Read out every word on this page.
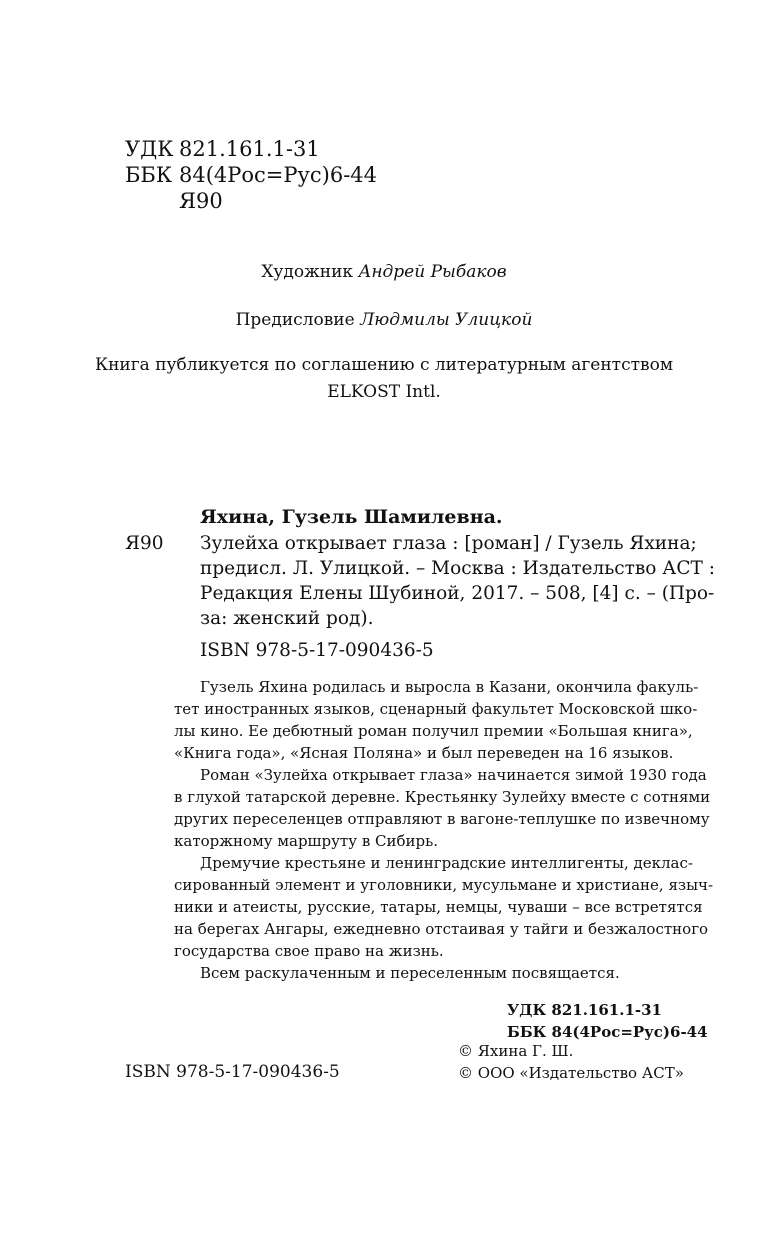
УДК 821.161.1-31
ББК 84(4Рос=Рус)6-44
Я90
Художник Андрей Рыбаков
Предисловие Людмилы Улицкой
Книга публикуется по соглашению с литературным агентством
ELKOST Intl.
Яхина, Гузель Шамилевна.
Я90 Зулейха открывает глаза : [роман] / Гузель Яхина;
предисл. Л. Улицкой. – Москва : Издательство АСТ :
Редакция Елены Шубиной, 2017. – 508, [4] с. – (Про-
за: женский род).
ISBN 978-5-17-090436-5
Гузель Яхина родилась и выросла в Казани, окончила факуль-
тет иностранных языков, сценарный факультет Московской шко-
лы кино. Ее дебютный роман получил премии «Большая книга»,
«Книга года», «Ясная Поляна» и был переведен на 16 языков.
Роман «Зулейха открывает глаза» начинается зимой 1930 года
в глухой татарской деревне. Крестьянку Зулейху вместе с сотнями
других переселенцев отправляют в вагоне-теплушке по извечному
каторжному маршруту в Сибирь.
Дремучие крестьяне и ленинградские интеллигенты, деклас-
сированный элемент и уголовники, мусульмане и христиане, языч-
ники и атеисты, русские, татары, немцы, чуваши – все встретятся
на берегах Ангары, ежедневно отстаивая у тайги и безжалостного
государства свое право на жизнь.
Всем раскулаченным и переселенным посвящается.
УДК 821.161.1-31
ББК 84(4Рос=Рус)6-44
© Яхина Г. Ш.
ISBN 978-5-17-090436-5	© ООО «Издательство АСТ»
